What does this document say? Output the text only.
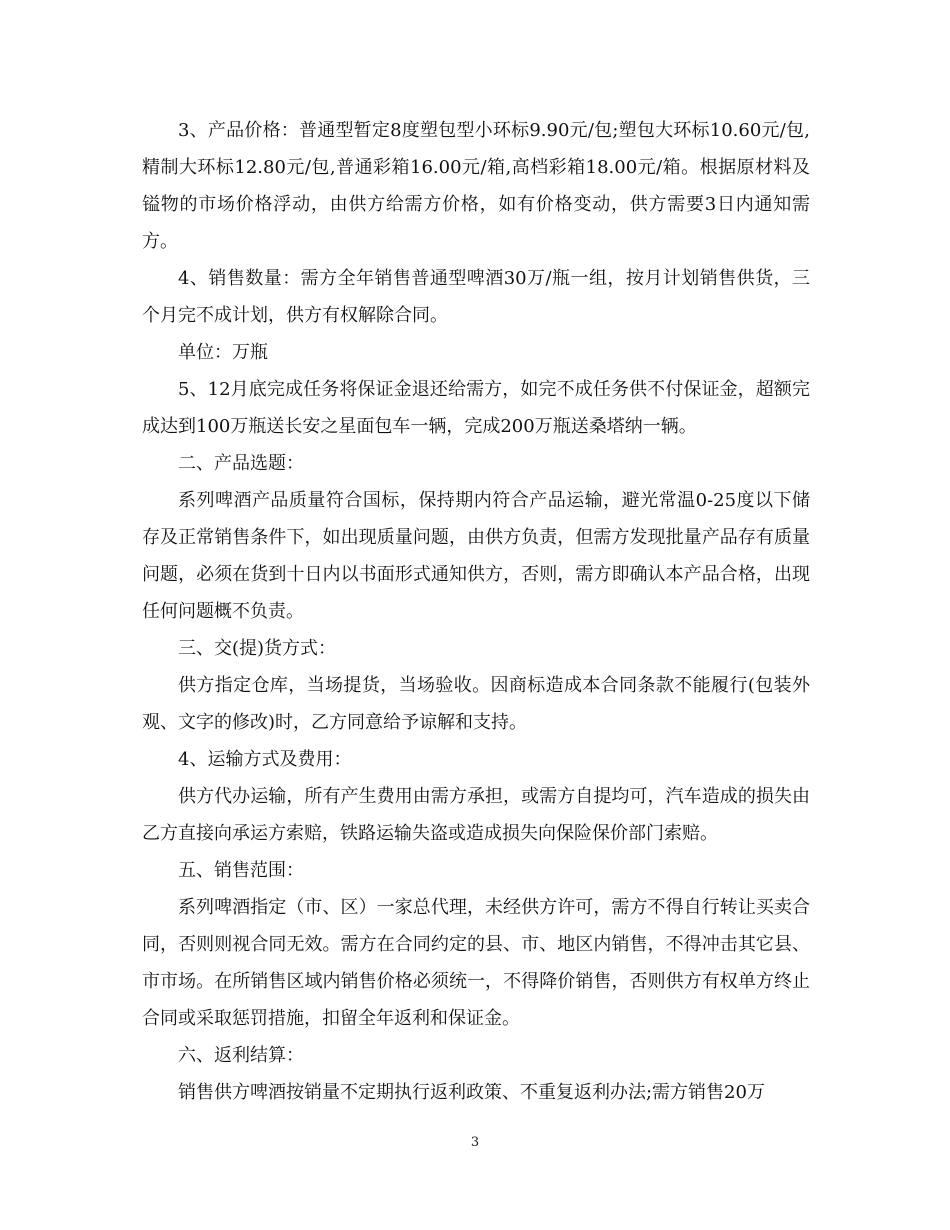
3、产品价格：普通型暂定8度塑包型小环标9.90元/包;塑包大环标10.60元/包,精制大环标12.80元/包,普通彩箱16.00元/箱,高档彩箱18.00元/箱。根据原材料及镒物的市场价格浮动，由供方给需方价格，如有价格变动，供方需要3日内通知需方。

4、销售数量：需方全年销售普通型啤酒30万/瓶一组，按月计划销售供货，三个月完不成计划，供方有权解除合同。

单位：万瓶

5、12月底完成任务将保证金退还给需方，如完不成任务供不付保证金，超额完成达到100万瓶送长安之星面包车一辆，完成200万瓶送桑塔纳一辆。

二、产品选题：

系列啤酒产品质量符合国标，保持期内符合产品运输，避光常温0-25度以下储存及正常销售条件下，如出现质量问题，由供方负责，但需方发现批量产品存有质量问题，必须在货到十日内以书面形式通知供方，否则，需方即确认本产品合格，出现任何问题概不负责。

三、交(提)货方式：

供方指定仓库，当场提货，当场验收。因商标造成本合同条款不能履行(包装外观、文字的修改)时，乙方同意给予谅解和支持。

4、运输方式及费用：

供方代办运输，所有产生费用由需方承担，或需方自提均可，汽车造成的损失由乙方直接向承运方索赔，铁路运输失盗或造成损失向保险保价部门索赔。

五、销售范围：

系列啤酒指定（市、区）一家总代理，未经供方许可，需方不得自行转让买卖合同，否则则视合同无效。需方在合同约定的县、市、地区内销售，不得冲击其它县、市市场。在所销售区域内销售价格必须统一，不得降价销售，否则供方有权单方终止合同或采取惩罚措施，扣留全年返利和保证金。

六、返利结算：

销售供方啤酒按销量不定期执行返利政策、不重复返利办法;需方销售20万

3
